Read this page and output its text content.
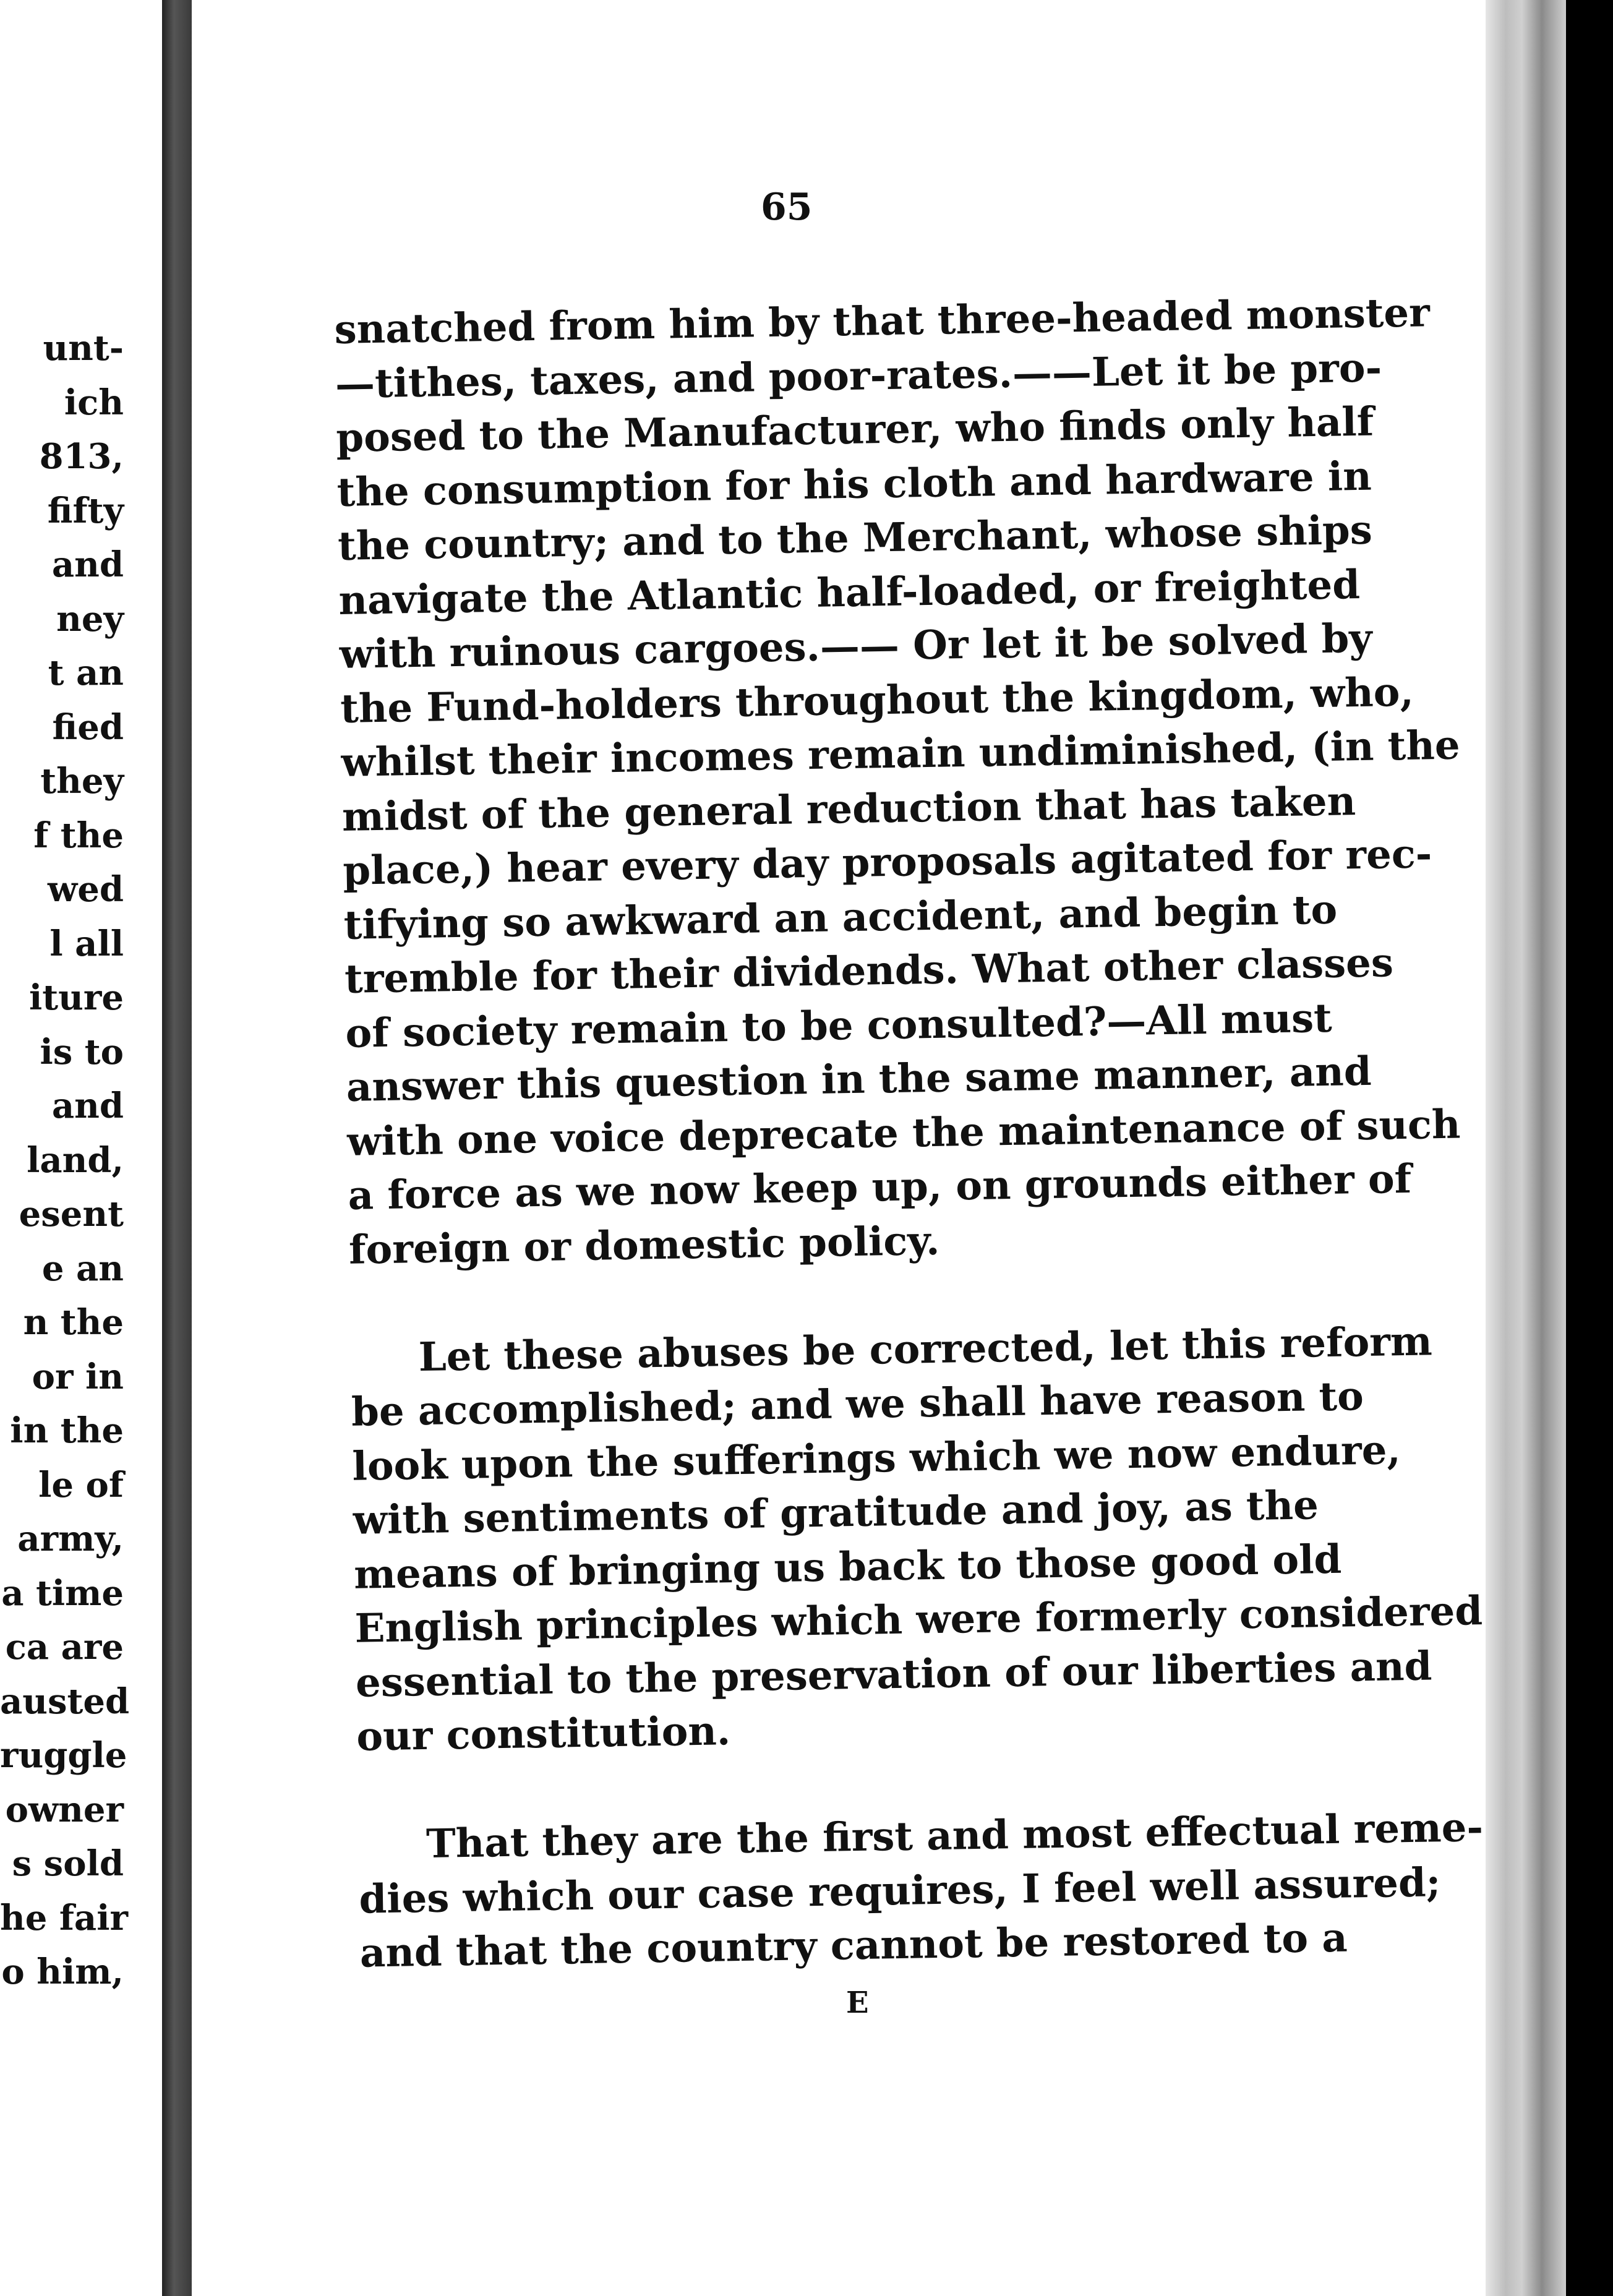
unt-
ich
813,
fifty
and
ney
t an
fied
they
f the
wed
l all
iture
is to
and
land,
esent
e an
n the
or in
in the
le of
army,
a time
ca are
austed
ruggle
owner
s sold
he fair
o him,
65
snatched from him by that three-headed monster
—tithes, taxes, and poor-rates.——Let it be pro-
posed to the Manufacturer, who finds only half
the consumption for his cloth and hardware in
the country; and to the Merchant, whose ships
navigate the Atlantic half-loaded, or freighted
with ruinous cargoes.—— Or let it be solved by
the Fund-holders throughout the kingdom, who,
whilst their incomes remain undiminished, (in the
midst of the general reduction that has taken
place,) hear every day proposals agitated for rec-
tifying so awkward an accident, and begin to
tremble for their dividends. What other classes
of society remain to be consulted?—All must
answer this question in the same manner, and
with one voice deprecate the maintenance of such
a force as we now keep up, on grounds either of
foreign or domestic policy.
Let these abuses be corrected, let this reform
be accomplished; and we shall have reason to
look upon the sufferings which we now endure,
with sentiments of gratitude and joy, as the
means of bringing us back to those good old
English principles which were formerly considered
essential to the preservation of our liberties and
our constitution.
That they are the first and most effectual reme-
dies which our case requires, I feel well assured;
and that the country cannot be restored to a
E
